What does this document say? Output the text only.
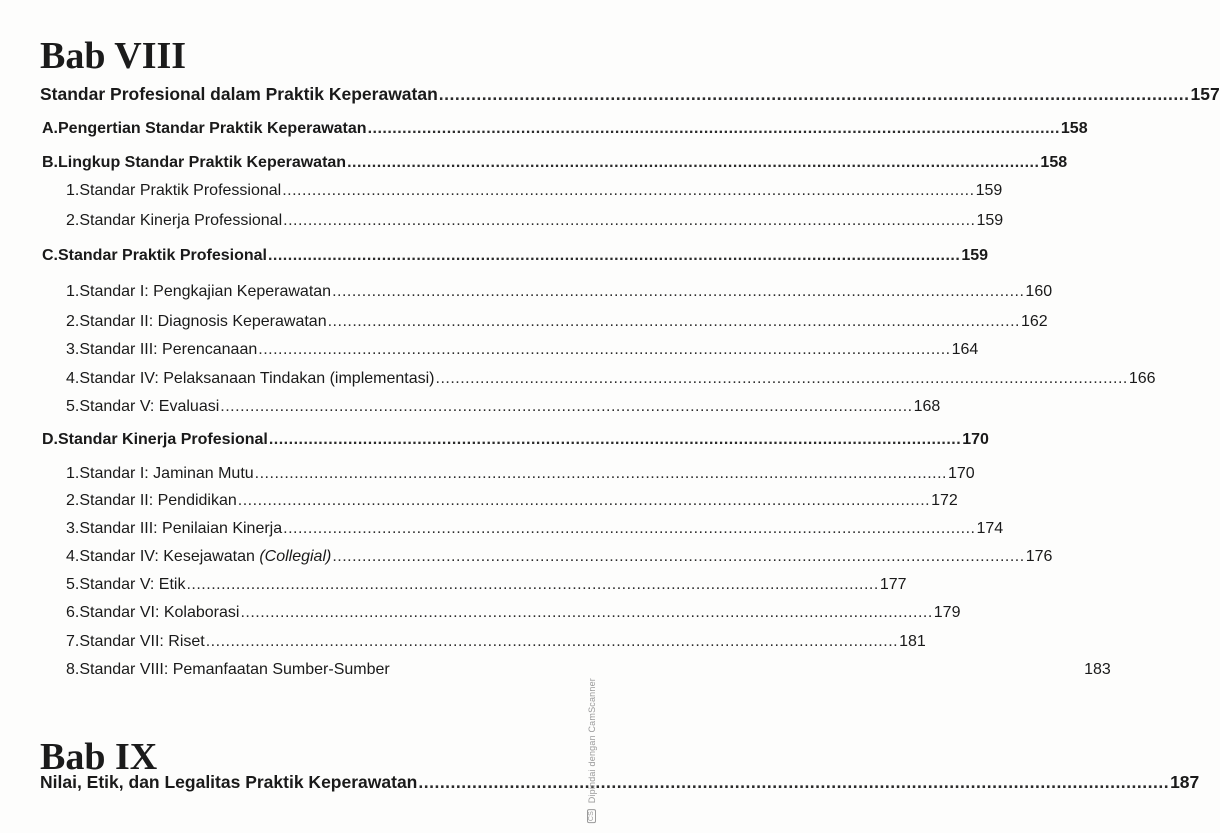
Bab VIII
Standar Profesional dalam Praktik Keperawatan ............................................................................................................................................ 157
A. Pengertian Standar Praktik Keperawatan ............................................................................................................................................ 158
B. Lingkup Standar Praktik Keperawatan ............................................................................................................................................ 158
1. Standar Praktik Professional ............................................................................................................................................ 159
2. Standar Kinerja Professional ............................................................................................................................................ 159
C. Standar Praktik Profesional ............................................................................................................................................ 159
1. Standar I: Pengkajian Keperawatan ............................................................................................................................................ 160
2. Standar II: Diagnosis Keperawatan ............................................................................................................................................ 162
3. Standar III: Perencanaan ............................................................................................................................................ 164
4. Standar IV: Pelaksanaan Tindakan (implementasi) ............................................................................................................................................ 166
5. Standar V: Evaluasi ............................................................................................................................................ 168
D. Standar Kinerja Profesional ............................................................................................................................................ 170
1. Standar I: Jaminan Mutu ............................................................................................................................................ 170
2. Standar II: Pendidikan ............................................................................................................................................ 172
3. Standar III: Penilaian Kinerja ............................................................................................................................................ 174
4. Standar IV: Kesejawatan (Collegial) ............................................................................................................................................ 176
5. Standar V: Etik ............................................................................................................................................ 177
6. Standar VI: Kolaborasi ............................................................................................................................................ 179
7. Standar VII: Riset ............................................................................................................................................ 181
8. Standar VIII: Pemanfaatan Sumber-Sumber	183
Bab IX
Nilai, Etik, dan Legalitas Praktik Keperawatan ............................................................................................................................................ 187
CS Dipindai dengan CamScanner
